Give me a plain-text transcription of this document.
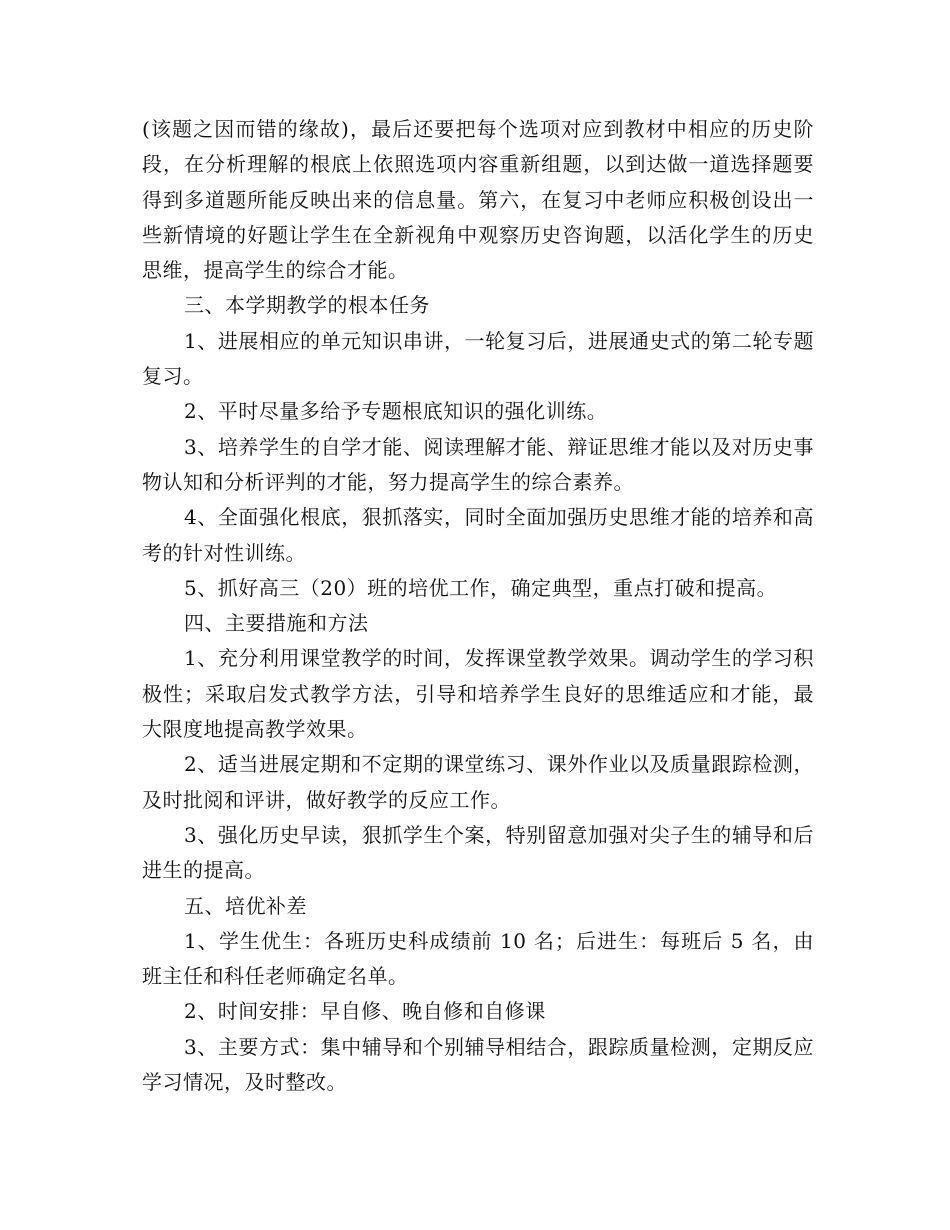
(该题之因而错的缘故)，最后还要把每个选项对应到教材中相应的历史阶段，在分析理解的根底上依照选项内容重新组题，以到达做一道选择题要得到多道题所能反映出来的信息量。第六，在复习中老师应积极创设出一些新情境的好题让学生在全新视角中观察历史咨询题，以活化学生的历史思维，提高学生的综合才能。

三、本学期教学的根本任务

1、进展相应的单元知识串讲，一轮复习后，进展通史式的第二轮专题复习。

2、平时尽量多给予专题根底知识的强化训练。

3、培养学生的自学才能、阅读理解才能、辩证思维才能以及对历史事物认知和分析评判的才能，努力提高学生的综合素养。

4、全面强化根底，狠抓落实，同时全面加强历史思维才能的培养和高考的针对性训练。

5、抓好高三（20）班的培优工作，确定典型，重点打破和提高。

四、主要措施和方法

1、充分利用课堂教学的时间，发挥课堂教学效果。调动学生的学习积极性；采取启发式教学方法，引导和培养学生良好的思维适应和才能，最大限度地提高教学效果。

2、适当进展定期和不定期的课堂练习、课外作业以及质量跟踪检测，及时批阅和评讲，做好教学的反应工作。

3、强化历史早读，狠抓学生个案，特别留意加强对尖子生的辅导和后进生的提高。

五、培优补差

1、学生优生：各班历史科成绩前 10 名；后进生：每班后 5 名，由班主任和科任老师确定名单。

2、时间安排：早自修、晚自修和自修课

3、主要方式：集中辅导和个别辅导相结合，跟踪质量检测，定期反应学习情况，及时整改。
